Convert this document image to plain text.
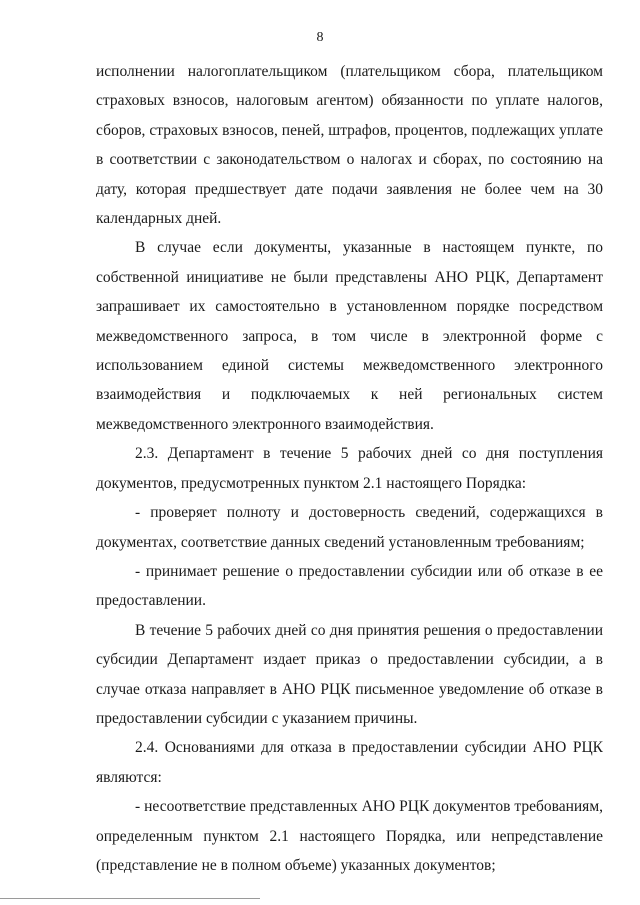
8

исполнении налогоплательщиком (плательщиком сбора, плательщиком страховых взносов, налоговым агентом) обязанности по уплате налогов, сборов, страховых взносов, пеней, штрафов, процентов, подлежащих уплате в соответствии с законодательством о налогах и сборах, по состоянию на дату, которая предшествует дате подачи заявления не более чем на 30 календарных дней.

В случае если документы, указанные в настоящем пункте, по собственной инициативе не были представлены АНО РЦК, Департамент запрашивает их самостоятельно в установленном порядке посредством межведомственного запроса, в том числе в электронной форме с использованием единой системы межведомственного электронного взаимодействия и подключаемых к ней региональных систем межведомственного электронного взаимодействия.

2.3. Департамент в течение 5 рабочих дней со дня поступления документов, предусмотренных пунктом 2.1 настоящего Порядка:

- проверяет полноту и достоверность сведений, содержащихся в документах, соответствие данных сведений установленным требованиям;

- принимает решение о предоставлении субсидии или об отказе в ее предоставлении.

В течение 5 рабочих дней со дня принятия решения о предоставлении субсидии Департамент издает приказ о предоставлении субсидии, а в случае отказа направляет в АНО РЦК письменное уведомление об отказе в предоставлении субсидии с указанием причины.

2.4. Основаниями для отказа в предоставлении субсидии АНО РЦК являются:

- несоответствие представленных АНО РЦК документов требованиям, определенным пунктом 2.1 настоящего Порядка, или непредставление (представление не в полном объеме) указанных документов;
